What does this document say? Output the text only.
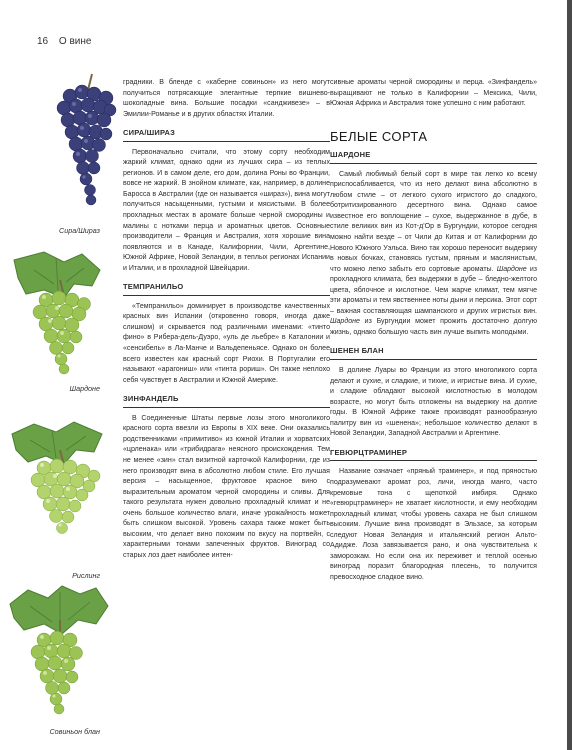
16 О вине
Сира/Шираз
Шардоне
Рислинг
Совиньон блан

градники. В бленде с «каберне совиньон» из него могут получиться потрясающие элегантные терпкие вишнево-шоколадные вина. Большие посадки «сандживезе» – в Эмилии-Романье и в других областях Италии.

СИРА/ШИРАЗ

Первоначально считали, что этому сорту необходим жаркий климат, однако одни из лучших сира – из теплых регионов. И в самом деле, его дом, долина Роны во Франции, вовсе не жаркий. В знойном климате, как, например, в долине Баросса в Австралии (где он называется «шираз»), вина могут получиться насыщенными, густыми и мясистыми. В более прохладных местах в аромате больше черной смородины и малины с нотками перца и ароматных цветов. Основные производители – Франция и Австралия, хотя хорошие вина появляются и в Канаде, Калифорнии, Чили, Аргентине, Южной Африке, Новой Зеландии, в теплых регионах Испании и Италии, и в прохладной Швейцарии.

ТЕМПРАНИЛЬО

«Темпранильо» доминирует в производстве качественных красных вин Испании (откровенно говоря, иногда даже слишком) и скрывается под различными именами: «тинто фино» в Рибера-дель-Дуэро, «уль де льебре» в Каталонии и «сенсибель» в Ла-Манче и Вальдепеньясе. Однако он более всего известен как красный сорт Риохи. В Португалии его называют «арагониш» или «тинта рориш». Он также неплохо себя чувствует в Австралии и Южной Америке.

ЗИНФАНДЕЛЬ

В Соединенные Штаты первые лозы этого многоликого красного сорта ввезли из Европы в XIX веке. Они оказались родственниками «примитиво» из южной Италии и хорватских «црленака» или «трибидрага» неясного происхождения. Тем не менее «зин» стал визитной карточкой Калифорнии, где из него производят вина в абсолютно любом стиле. Его лучшая версия – насыщенное, фруктовое красное вино с выразительным ароматом черной смородины и сливы. Для такого результата нужен довольно прохладный климат и не очень большое количество влаги, иначе урожайность может быть слишком высокой. Уровень сахара также может быть высоким, что делает вино похожим по вкусу на портвейн, с характерными тонами запеченных фруктов. Виноград со старых лоз дает наиболее интен-

сивные ароматы черной смородины и перца. «Зинфандель» выращивают не только в Калифорнии – Мексика, Чили, Южная Африка и Австралия тоже успешно с ним работают.

БЕЛЫЕ СОРТА
ШАРДОНЕ

Самый любимый белый сорт в мире так легко ко всему приспосабливается, что из него делают вина абсолютно в любом стиле – от легкого сухого игристого до сладкого, ботритизированного десертного вина. Однако самое известное его воплощение – сухое, выдержанное в дубе, в стиле великих вин из Кот-д'Ор в Бургундии, которое сегодня можно найти везде – от Чили до Китая и от Калифорнии до Нового Южного Уэльса. Вино так хорошо переносит выдержку в новых бочках, становясь густым, пряным и маслянистым, что можно легко забыть его сортовые ароматы. Шардоне из прохладного климата, без выдержки в дубе – бледно-желтого цвета, яблочное и кислотное. Чем жарче климат, тем мягче эти ароматы и тем явственнее ноты дыни и персика. Этот сорт – важная составляющая шампанского и других игристых вин. Шардоне из Бургундии может прожить достаточно долгую жизнь, однако большую часть вин лучше выпить молодыми.

ШЕНЕН БЛАН

В долине Луары во Франции из этого многоликого сорта делают и сухие, и сладкие, и тихие, и игристые вина. И сухие, и сладкие обладают высокой кислотностью в молодом возрасте, но могут быть отложены на выдержку на долгие годы. В Южной Африке также производят разнообразную палитру вин из «шенена»; небольшое количество делают в Новой Зеландии, Западной Австралии и Аргентине.

ГЕВЮРЦТРАМИНЕР

Название означает «пряный траминер», и под пряностью подразумевают аромат роз, личи, иногда манго, часто кремовые тона с щепоткой имбиря. Однако «гевюрцтраминер» не хватает кислотности, и ему необходим прохладный климат, чтобы уровень сахара не был слишком высоким. Лучшие вина производят в Эльзасе, за которым следуют Новая Зеландия и итальянский регион Альто-Адидже. Лоза завязывается рано, и она чувствительна к заморозкам. Но если она их переживет и теплой осенью виноград поразит благородная плесень, то получится превосходное сладкое вино.
